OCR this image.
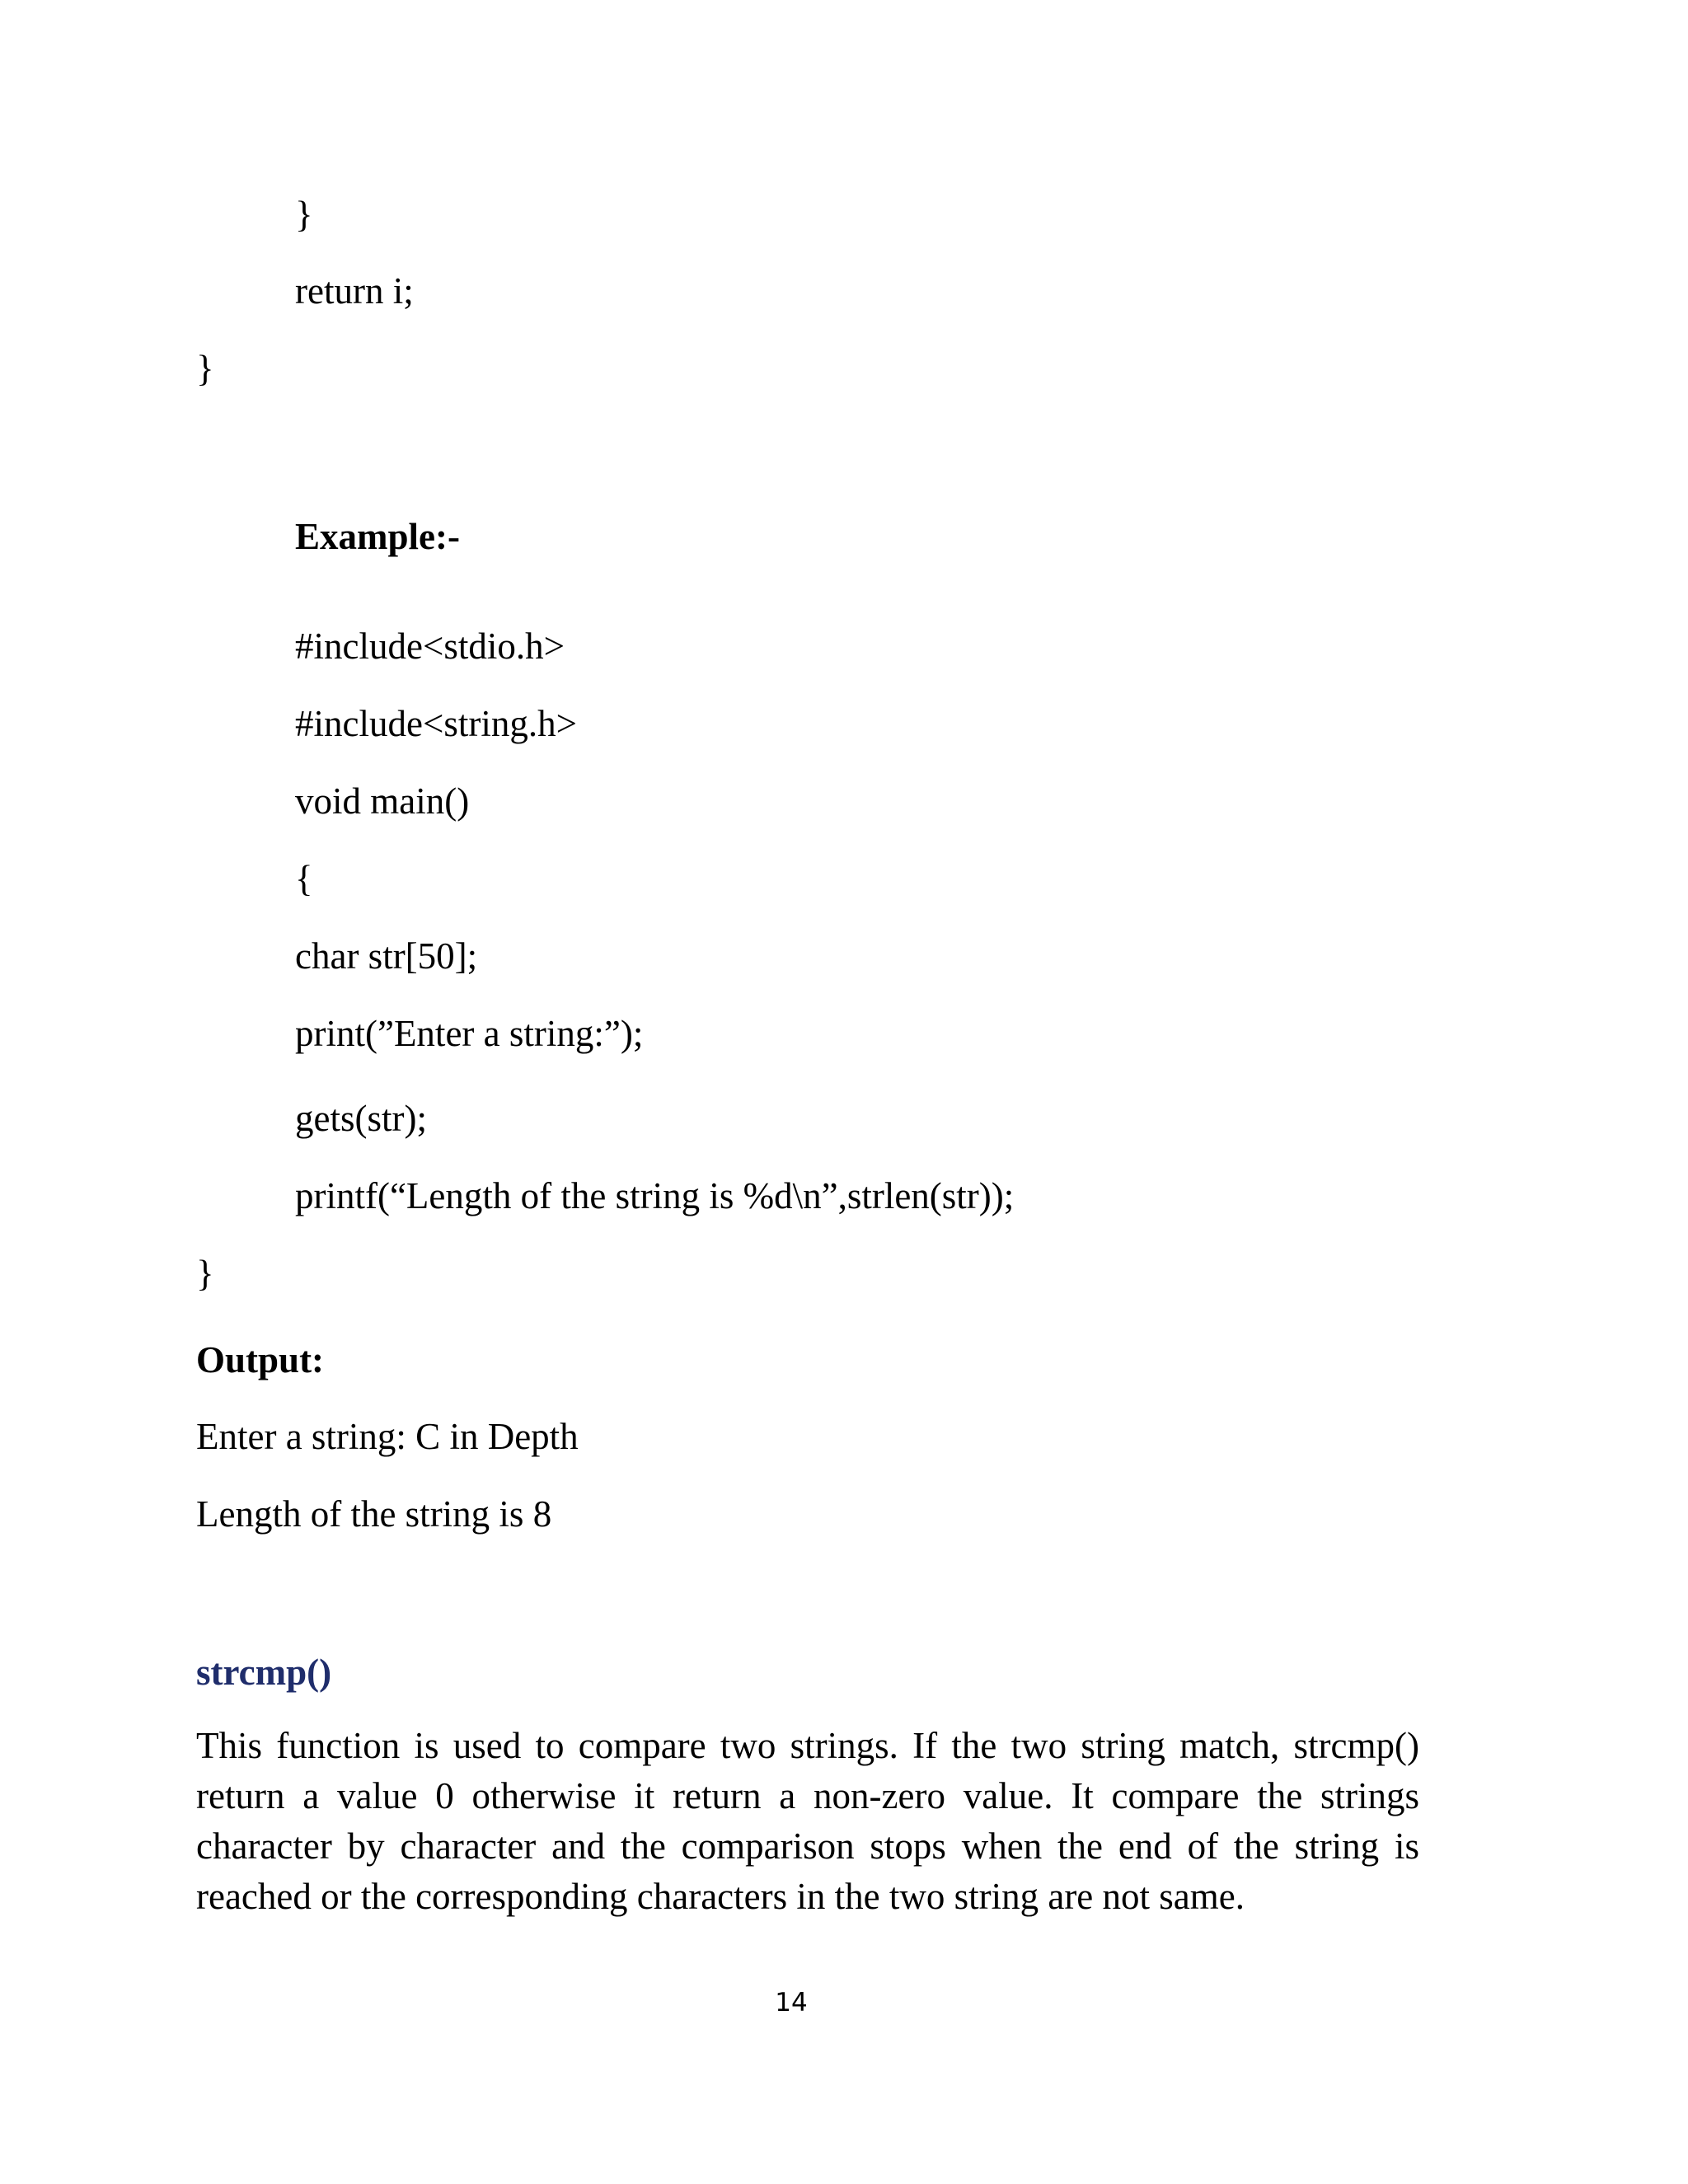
}
return i;
}
Example:-
#include<stdio.h>
#include<string.h>
void main()
{
char str[50];
print(”Enter a string:”);
gets(str);
printf(“Length of the string is %d\n”,strlen(str));
}
Output:
Enter a string: C in Depth
Length of the string is 8
strcmp()
This function is used to compare two strings. If the two string match, strcmp() return a value 0 otherwise it return a non-zero value. It compare the strings character by character and the comparison stops when the end of the string is reached or the corresponding characters in the two string are not same.
14
